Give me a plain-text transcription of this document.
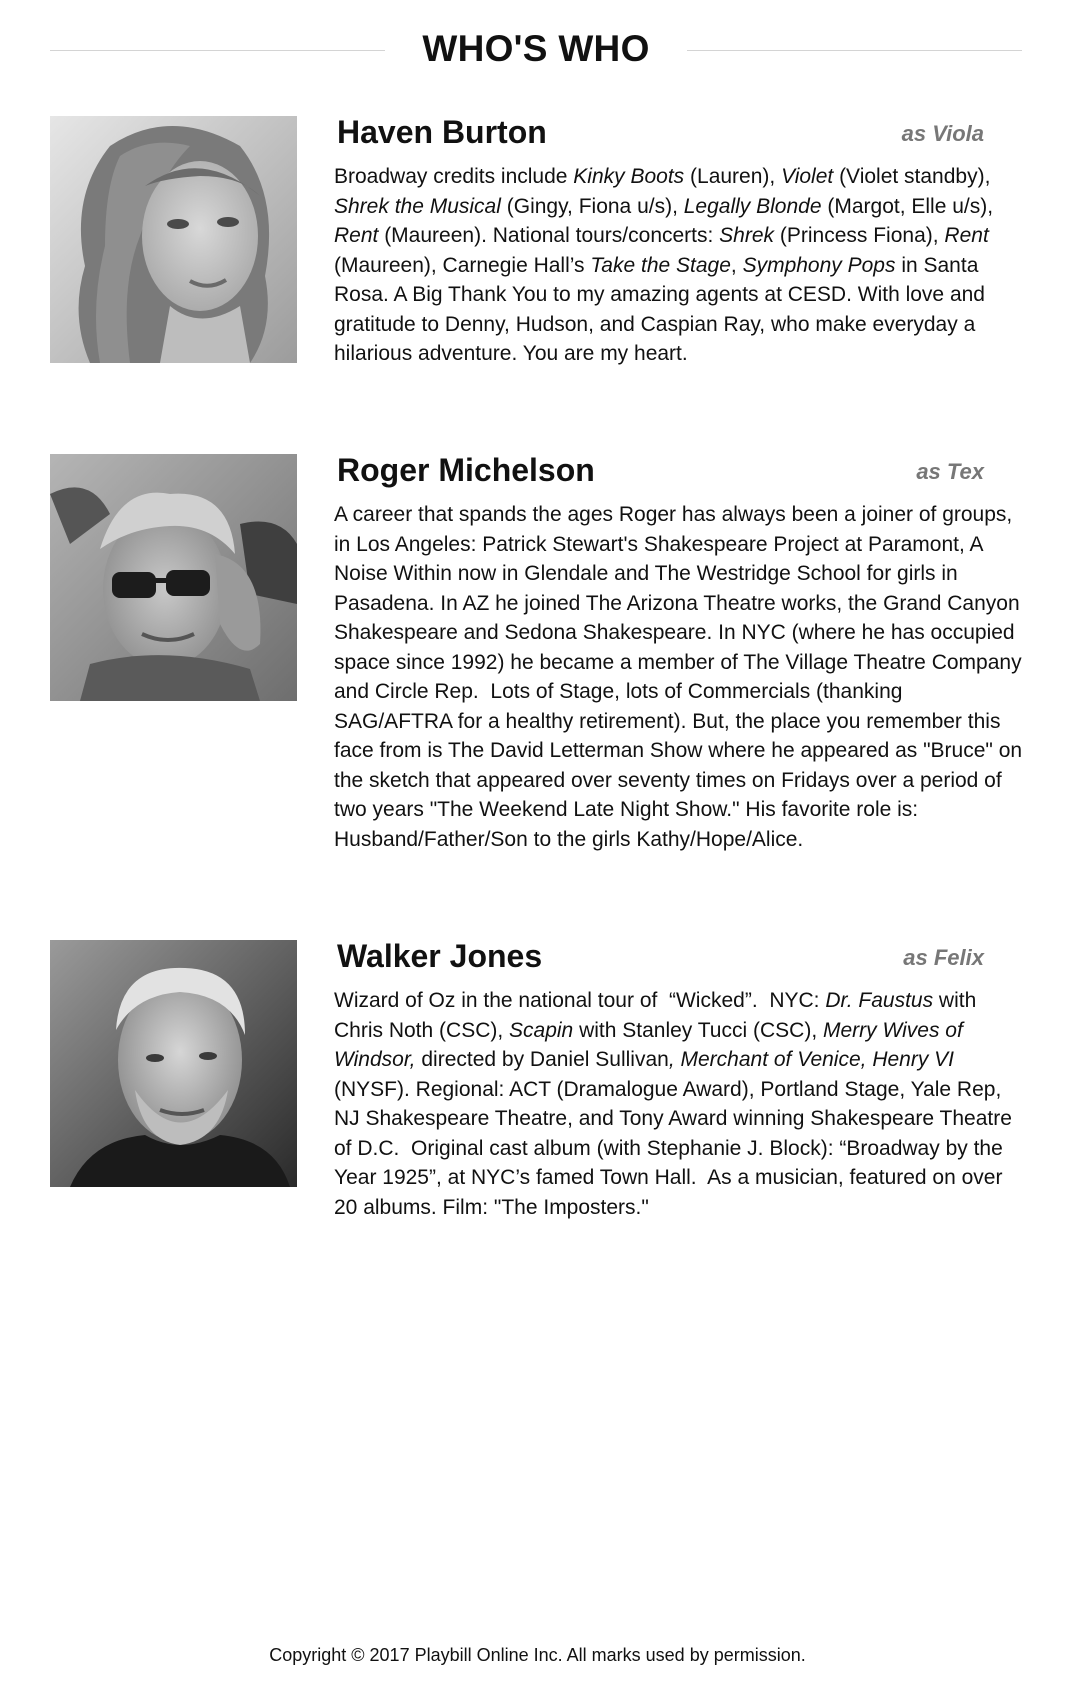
WHO'S WHO
Haven Burton	as Viola

Broadway credits include Kinky Boots (Lauren), Violet (Violet standby), Shrek the Musical (Gingy, Fiona u/s), Legally Blonde (Margot, Elle u/s), Rent (Maureen). National tours/concerts: Shrek (Princess Fiona), Rent (Maureen), Carnegie Hall’s Take the Stage, Symphony Pops in Santa Rosa. A Big Thank You to my amazing agents at CESD. With love and gratitude to Denny, Hudson, and Caspian Ray, who make everyday a hilarious adventure. You are my heart.

Roger Michelson	as Tex

A career that spands the ages Roger has always been a joiner of groups, in Los Angeles: Patrick Stewart's Shakespeare Project at Paramont, A Noise Within now in Glendale and The Westridge School for girls in Pasadena. In AZ he joined The Arizona Theatre works, the Grand Canyon Shakespeare and Sedona Shakespeare. In NYC (where he has occupied space since 1992) he became a member of The Village Theatre Company and Circle Rep.  Lots of Stage, lots of Commercials (thanking SAG/AFTRA for a healthy retirement). But, the place you remember this face from is The David Letterman Show where he appeared as "Bruce" on the sketch that appeared over seventy times on Fridays over a period of two years "The Weekend Late Night Show." His favorite role is: Husband/Father/Son to the girls Kathy/Hope/Alice.

Walker Jones	as Felix

Wizard of Oz in the national tour of  “Wicked”.  NYC: Dr. Faustus with Chris Noth (CSC), Scapin with Stanley Tucci (CSC), Merry Wives of Windsor, directed by Daniel Sullivan, Merchant of Venice, Henry VI  (NYSF). Regional: ACT (Dramalogue Award), Portland Stage, Yale Rep, NJ Shakespeare Theatre, and Tony Award winning Shakespeare Theatre of D.C.  Original cast album (with Stephanie J. Block): “Broadway by the Year 1925”, at NYC’s famed Town Hall.  As a musician, featured on over 20 albums. Film: "The Imposters."

Copyright © 2017 Playbill Online Inc. All marks used by permission.
